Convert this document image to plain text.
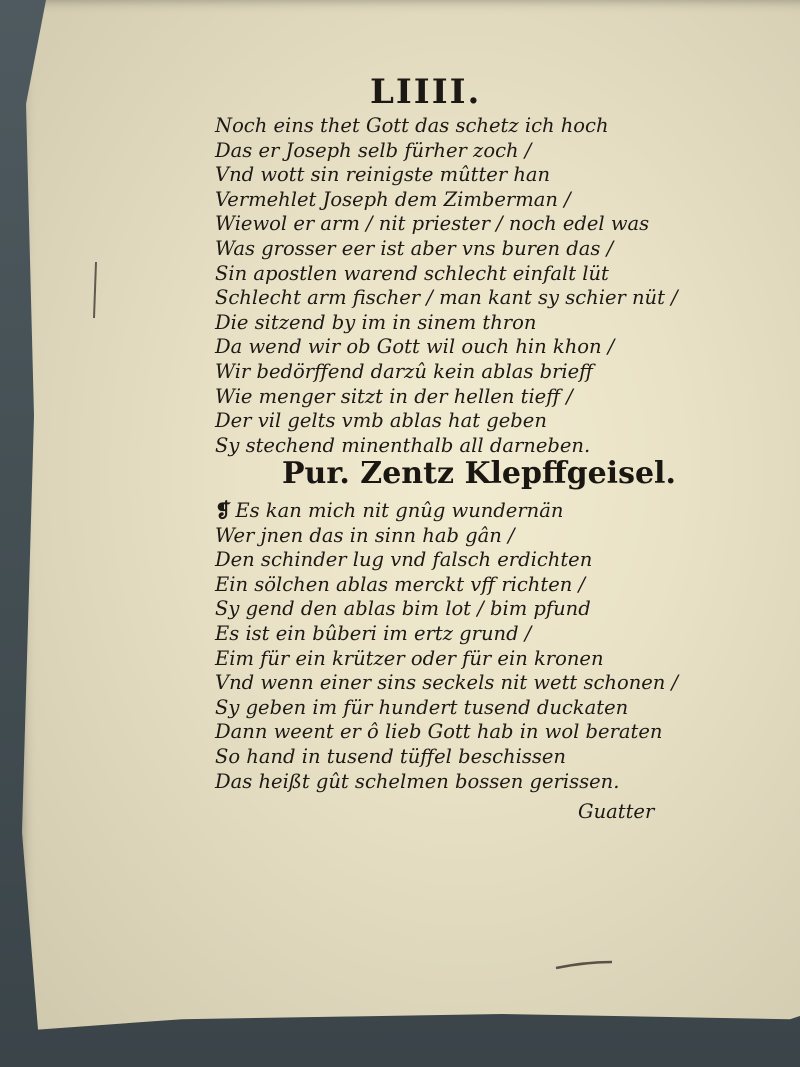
LIIII.
Noch eins thet Gott das schetz ich hoch
Das er Joseph selb fürher zoch /
Vnd wott sin reinigste mûtter han
Vermehlet Joseph dem Zimberman /
Wiewol er arm / nit priester / noch edel was
Was grosser eer ist aber vns buren das /
Sin apostlen warend schlecht einfalt lüt
Schlecht arm fischer / man kant sy schier nüt /
Die sitzend by im in sinem thron
Da wend wir ob Gott wil ouch hin khon /
Wir bedörffend darzû kein ablas brieff
Wie menger sitzt in der hellen tieff /
Der vil gelts vmb ablas hat geben
Sy stechend minenthalb all darneben.
Pur. Zentz Klepffgeisel.
❡ Es kan mich nit gnûg wundernän
Wer jnen das in sinn hab gân /
Den schinder lug vnd falsch erdichten
Ein sölchen ablas merckt vff richten /
Sy gend den ablas bim lot / bim pfund
Es ist ein bûberi im ertz grund /
Eim für ein krützer oder für ein kronen
Vnd wenn einer sins seckels nit wett schonen /
Sy geben im für hundert tusend duckaten
Dann weent er ô lieb Gott hab in wol beraten
So hand in tusend tüffel beschissen
Das heißt gût schelmen bossen gerissen.
Guatter
